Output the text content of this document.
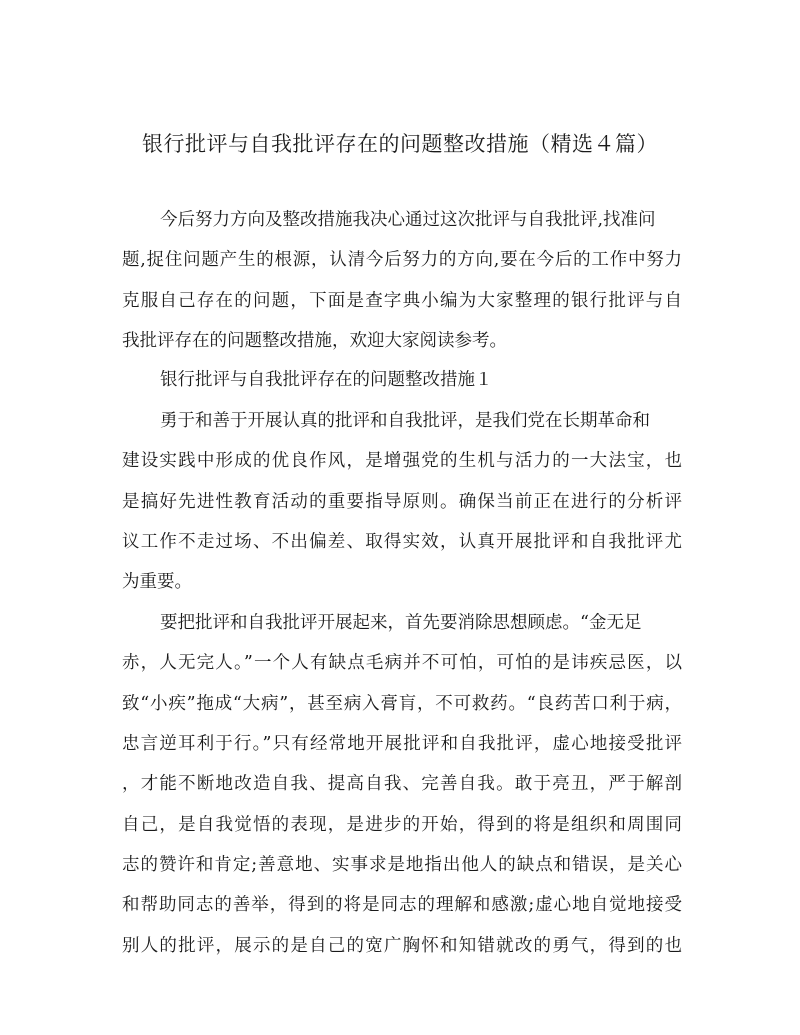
银行批评与自我批评存在的问题整改措施（精选４篇）
今后努力方向及整改措施我决心通过这次批评与自我批评,找准问
题,捉住问题产生的根源，认清今后努力的方向,要在今后的工作中努力
克服自己存在的问题，下面是查字典小编为大家整理的银行批评与自
我批评存在的问题整改措施，欢迎大家阅读参考。
银行批评与自我批评存在的问题整改措施１
勇于和善于开展认真的批评和自我批评，是我们党在长期革命和
建设实践中形成的优良作风，是增强党的生机与活力的一大法宝，也
是搞好先进性教育活动的重要指导原则。确保当前正在进行的分析评
议工作不走过场、不出偏差、取得实效，认真开展批评和自我批评尤
为重要。
要把批评和自我批评开展起来，首先要消除思想顾虑。“金无足
赤，人无完人。”一个人有缺点毛病并不可怕，可怕的是讳疾忌医，以
致“小疾”拖成“大病”，甚至病入膏肓，不可救药。“良药苦口利于病，
忠言逆耳利于行。”只有经常地开展批评和自我批评，虚心地接受批评
，才能不断地改造自我、提高自我、完善自我。敢于亮丑，严于解剖
自己，是自我觉悟的表现，是进步的开始，得到的将是组织和周围同
志的赞许和肯定;善意地、实事求是地指出他人的缺点和错误，是关心
和帮助同志的善举，得到的将是同志的理解和感激;虚心地自觉地接受
别人的批评，展示的是自己的宽广胸怀和知错就改的勇气，得到的也
